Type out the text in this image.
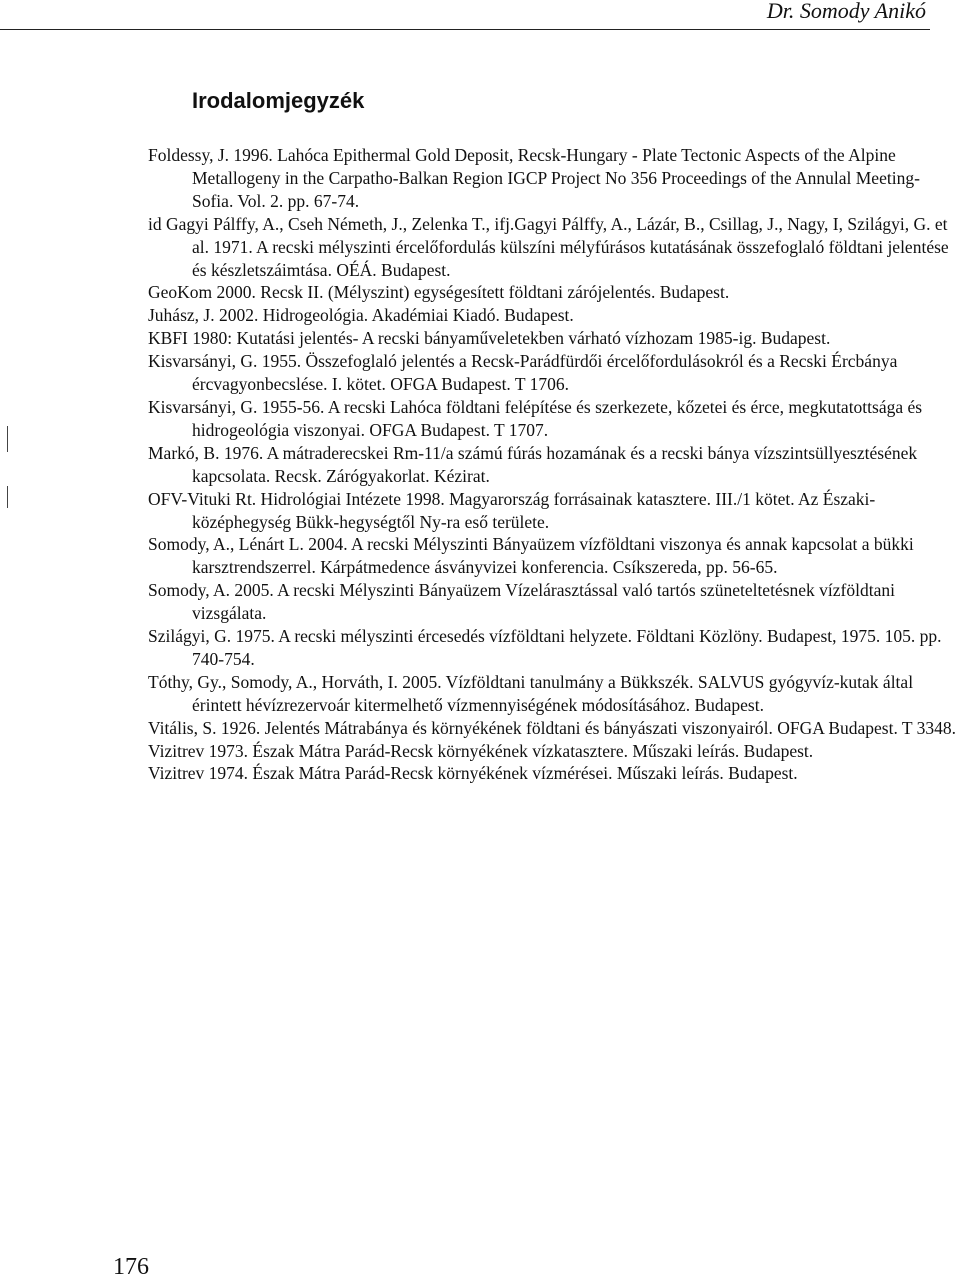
Dr. Somody Anikó
Irodalomjegyzék
Foldessy, J. 1996. Lahóca Epithermal Gold Deposit, Recsk-Hungary - Plate Tectonic Aspects of the Alpine Metallogeny in the Carpatho-Balkan Region IGCP Project No 356 Proceedings of the Annulal Meeting-Sofia. Vol. 2. pp. 67-74.
id Gagyi Pálffy, A., Cseh Németh, J., Zelenka T., ifj.Gagyi Pálffy, A., Lázár, B., Csillag, J., Nagy, I, Szilágyi, G. et al. 1971. A recski mélyszinti ércelőfordulás külszíni mélyfúrásos kutatásának összefoglaló földtani jelentése és készletszáimtása. OÉÁ. Budapest.
GeoKom 2000. Recsk II. (Mélyszint) egységesített földtani zárójelentés. Budapest.
Juhász, J. 2002. Hidrogeológia. Akadémiai Kiadó. Budapest.
KBFI 1980: Kutatási jelentés- A recski bányaműveletekben várható vízhozam 1985-ig. Budapest.
Kisvarsányi, G. 1955. Összefoglaló jelentés a Recsk-Parádfürdői ércelőfordulásokról és a Recski Ércbánya ércvagyonbecslése. I. kötet. OFGA Budapest. T 1706.
Kisvarsányi, G. 1955-56. A recski Lahóca földtani felépítése és szerkezete, kőzetei és érce, megkutatottsága és hidrogeológia viszonyai. OFGA Budapest. T 1707.
Markó, B. 1976. A mátraderecskei Rm-11/a számú fúrás hozamának és a recski bánya vízszintsüllyesztésének kapcsolata. Recsk. Zárógyakorlat. Kézirat.
OFV-Vituki Rt. Hidrológiai Intézete 1998. Magyarország forrásainak katasztere. III./1 kötet. Az Északi-középhegység Bükk-hegységtől Ny-ra eső területe.
Somody, A., Lénárt L. 2004. A recski Mélyszinti Bányaüzem vízföldtani viszonya és annak kapcsolat a bükki karsztrendszerrel. Kárpátmedence ásványvizei konferencia. Csíkszereda, pp. 56-65.
Somody, A. 2005. A recski Mélyszinti Bányaüzem Vízelárasztással való tartós szüneteltetésnek vízföldtani vizsgálata.
Szilágyi, G. 1975. A recski mélyszinti ércesedés vízföldtani helyzete. Földtani Közlöny. Budapest, 1975. 105. pp. 740-754.
Tóthy, Gy., Somody, A., Horváth, I. 2005. Vízföldtani tanulmány a Bükkszék. SALVUS gyógyvíz-kutak által érintett hévízrezervoár kitermelhető vízmennyiségének módosításához. Budapest.
Vitális, S. 1926. Jelentés Mátrabánya és környékének földtani és bányászati viszonyairól. OFGA Budapest. T 3348.
Vizitrev 1973. Észak Mátra Parád-Recsk környékének vízkatasztere. Műszaki leírás. Budapest.
Vizitrev 1974. Észak Mátra Parád-Recsk környékének vízmérései. Műszaki leírás. Budapest.
176
